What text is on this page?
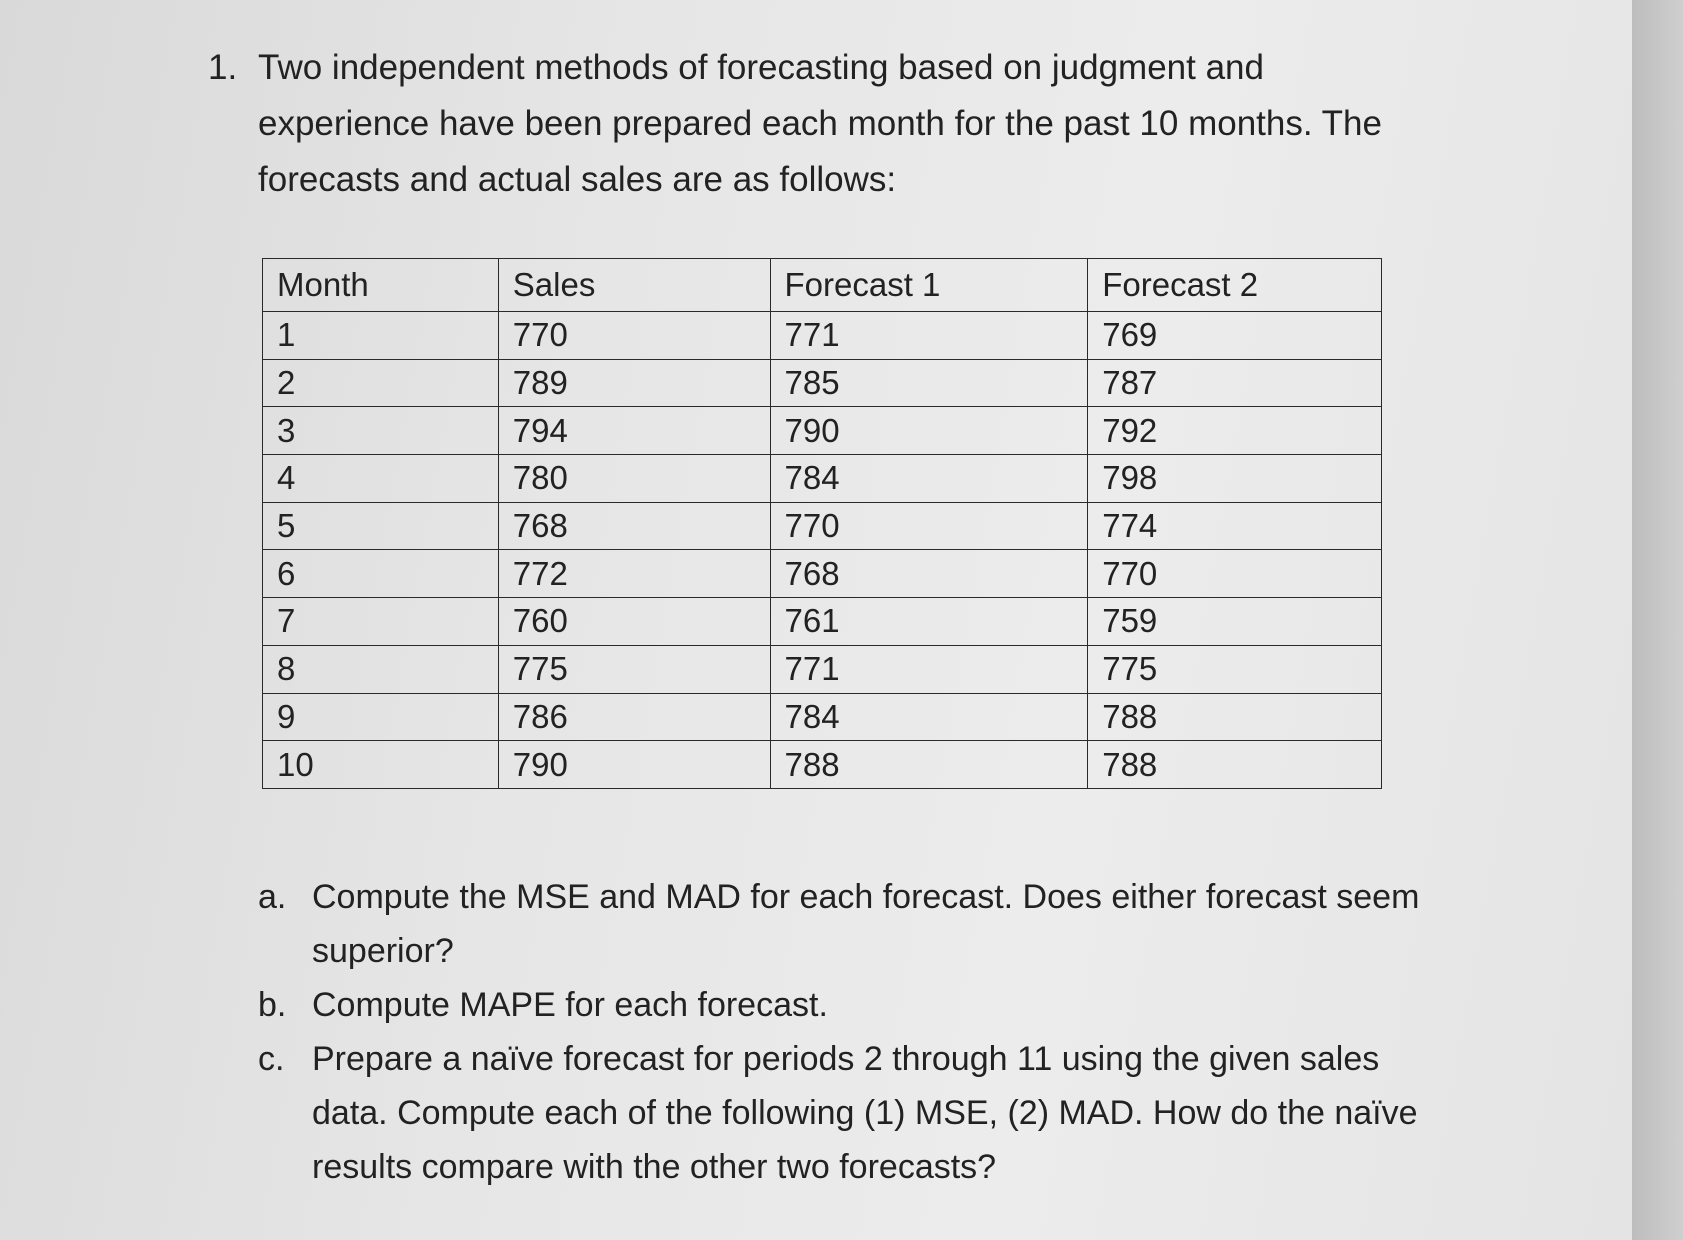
1. Two independent methods of forecasting based on judgment and experience have been prepared each month for the past 10 months. The forecasts and actual sales are as follows:
Month	Sales	Forecast 1	Forecast 2
1	770	771	769
2	789	785	787
3	794	790	792
4	780	784	798
5	768	770	774
6	772	768	770
7	760	761	759
8	775	771	775
9	786	784	788
10	790	788	788
a. Compute the MSE and MAD for each forecast. Does either forecast seem superior?
b. Compute MAPE for each forecast.
c. Prepare a naïve forecast for periods 2 through 11 using the given sales data. Compute each of the following (1) MSE, (2) MAD. How do the naïve results compare with the other two forecasts?
